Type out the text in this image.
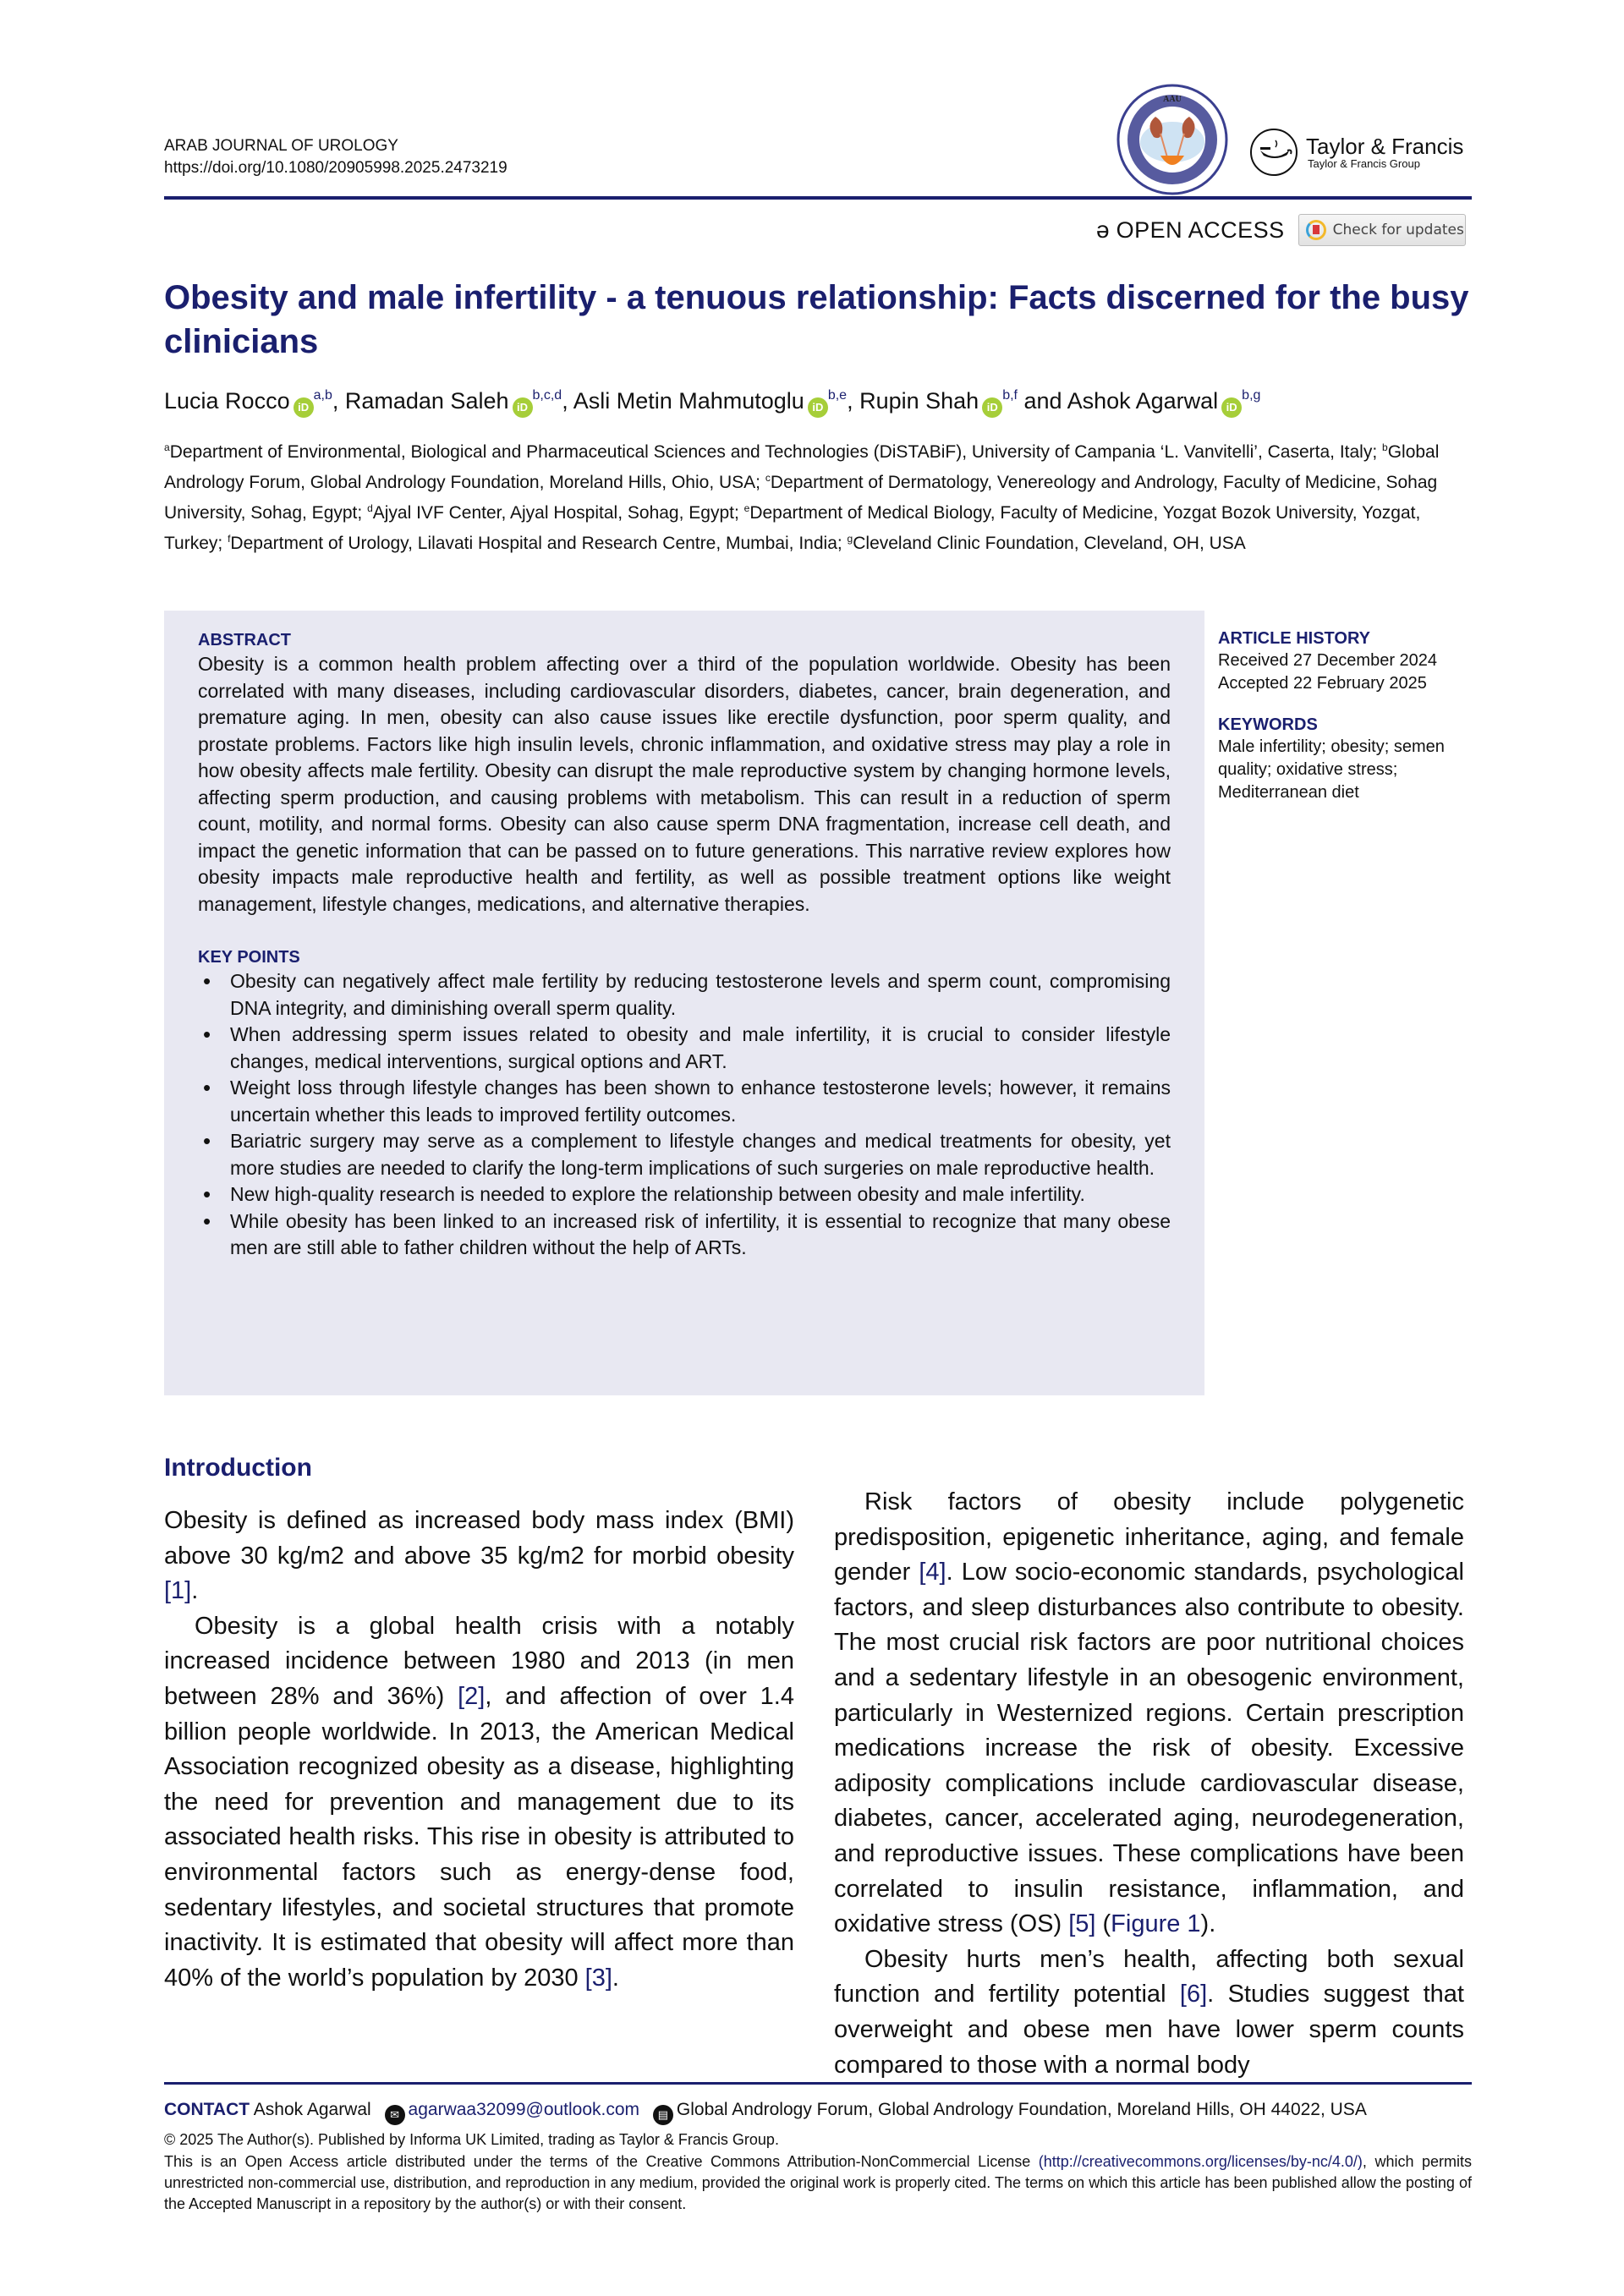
ARAB JOURNAL OF UROLOGY
https://doi.org/10.1080/20905998.2025.2473219
AAU
Taylor & Francis
Taylor & Francis Group
ə OPEN ACCESS	Check for updates
Obesity and male infertility - a tenuous relationship: Facts discerned for the busy clinicians
Lucia Rocco iD$^{a,b}$, Ramadan Saleh iD$^{b,c,d}$, Asli Metin Mahmutoglu iD$^{b,e}$, Rupin Shah iD$^{b,f}$ and Ashok Agarwal iD$^{b,g}$
$^a$Department of Environmental, Biological and Pharmaceutical Sciences and Technologies (DiSTABiF), University of Campania ‘L. Vanvitelli’, Caserta, Italy; $^b$Global Andrology Forum, Global Andrology Foundation, Moreland Hills, Ohio, USA; $^c$Department of Dermatology, Venereology and Andrology, Faculty of Medicine, Sohag University, Sohag, Egypt; $^d$Ajyal IVF Center, Ajyal Hospital, Sohag, Egypt; $^e$Department of Medical Biology, Faculty of Medicine, Yozgat Bozok University, Yozgat, Turkey; $^f$Department of Urology, Lilavati Hospital and Research Centre, Mumbai, India; $^g$Cleveland Clinic Foundation, Cleveland, OH, USA
ABSTRACT

Obesity is a common health problem affecting over a third of the population worldwide. Obesity has been correlated with many diseases, including cardiovascular disorders, diabetes, cancer, brain degeneration, and premature aging. In men, obesity can also cause issues like erectile dysfunction, poor sperm quality, and prostate problems. Factors like high insulin levels, chronic inflammation, and oxidative stress may play a role in how obesity affects male fertility. Obesity can disrupt the male reproductive system by changing hormone levels, affecting sperm production, and causing problems with metabolism. This can result in a reduction of sperm count, motility, and normal forms. Obesity can also cause sperm DNA fragmentation, increase cell death, and impact the genetic information that can be passed on to future generations. This narrative review explores how obesity impacts male reproductive health and fertility, as well as possible treatment options like weight management, lifestyle changes, medications, and alternative therapies.

KEY POINTS
• Obesity can negatively affect male fertility by reducing testosterone levels and sperm count, compromising DNA integrity, and diminishing overall sperm quality.
• When addressing sperm issues related to obesity and male infertility, it is crucial to consider lifestyle changes, medical interventions, surgical options and ART.
• Weight loss through lifestyle changes has been shown to enhance testosterone levels; however, it remains uncertain whether this leads to improved fertility outcomes.
• Bariatric surgery may serve as a complement to lifestyle changes and medical treatments for obesity, yet more studies are needed to clarify the long-term implications of such surgeries on male reproductive health.
• New high-quality research is needed to explore the relationship between obesity and male infertility.
• While obesity has been linked to an increased risk of infertility, it is essential to recognize that many obese men are still able to father children without the help of ARTs.
ARTICLE HISTORY
Received 27 December 2024
Accepted 22 February 2025
KEYWORDS
Male infertility; obesity; semen quality; oxidative stress; Mediterranean diet
Introduction

Obesity is defined as increased body mass index (BMI) above 30 kg/m2 and above 35 kg/m2 for morbid obesity [1].

Obesity is a global health crisis with a notably increased incidence between 1980 and 2013 (in men between 28% and 36%) [2], and affection of over 1.4 billion people worldwide. In 2013, the American Medical Association recognized obesity as a disease, highlighting the need for prevention and management due to its associated health risks. This rise in obesity is attributed to environmental factors such as energy-dense food, sedentary lifestyles, and societal structures that promote inactivity. It is estimated that obesity will affect more than 40% of the world’s population by 2030 [3].

Risk factors of obesity include polygenetic predisposition, epigenetic inheritance, aging, and female gender [4]. Low socio-economic standards, psychological factors, and sleep disturbances also contribute to obesity. The most crucial risk factors are poor nutritional choices and a sedentary lifestyle in an obesogenic environment, particularly in Westernized regions. Certain prescription medications increase the risk of obesity. Excessive adiposity complications include cardiovascular disease, diabetes, cancer, accelerated aging, neurodegeneration, and reproductive issues. These complications have been correlated to insulin resistance, inflammation, and oxidative stress (OS) [5] (Figure 1).

Obesity hurts men’s health, affecting both sexual function and fertility potential [6]. Studies suggest that overweight and obese men have lower sperm counts compared to those with a normal body

CONTACT Ashok Agarwal ✉ agarwaa32099@outlook.com ▤ Global Andrology Forum, Global Andrology Foundation, Moreland Hills, OH 44022, USA
© 2025 The Author(s). Published by Informa UK Limited, trading as Taylor & Francis Group.

This is an Open Access article distributed under the terms of the Creative Commons Attribution-NonCommercial License (http://creativecommons.org/licenses/by-nc/4.0/), which permits unrestricted non-commercial use, distribution, and reproduction in any medium, provided the original work is properly cited. The terms on which this article has been published allow the posting of the Accepted Manuscript in a repository by the author(s) or with their consent.
